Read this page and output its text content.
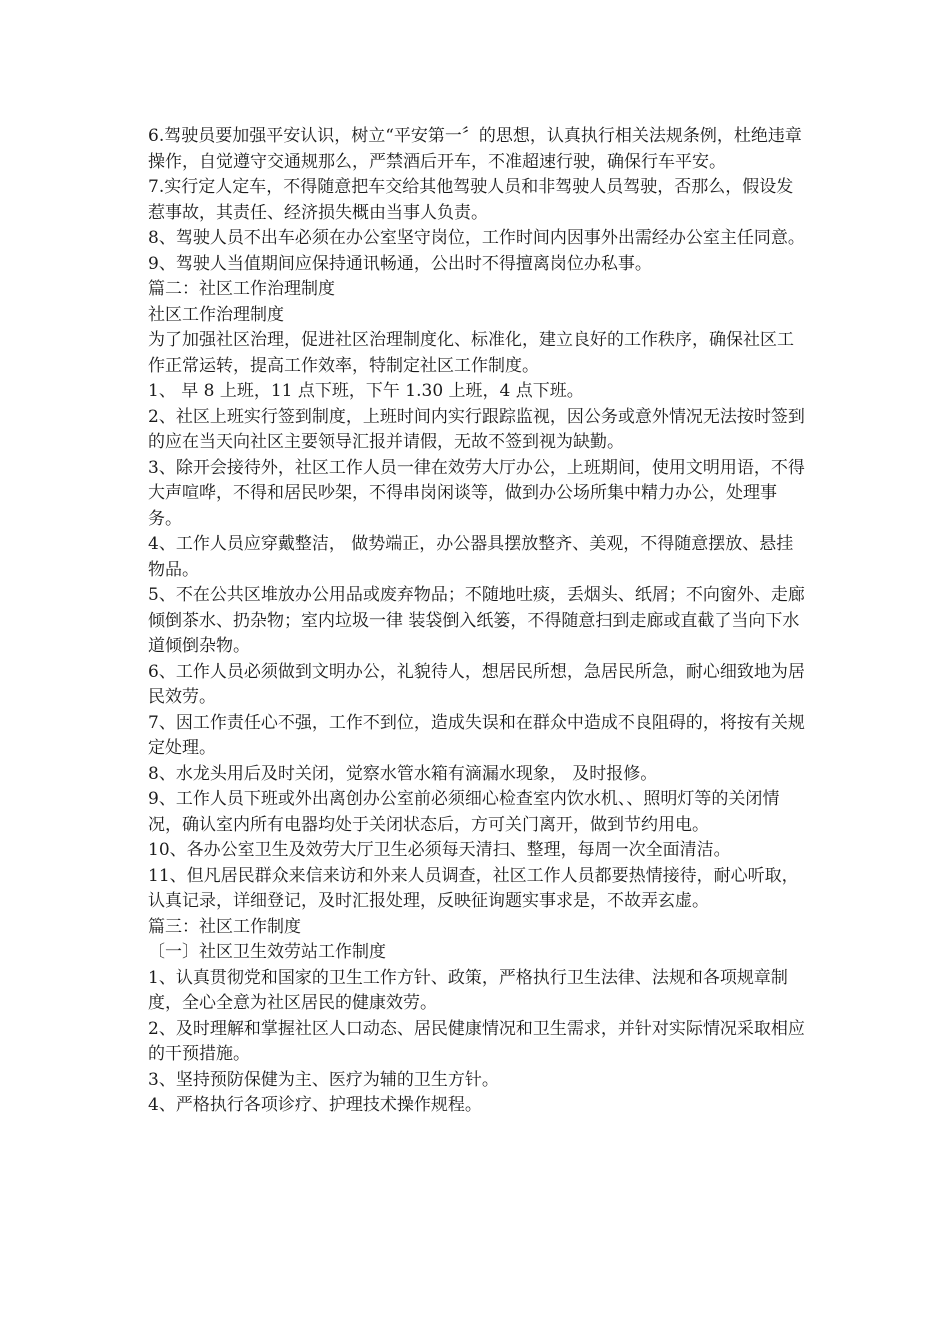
6.驾驶员要加强平安认识，树立“平安第一〞的思想，认真执行相关法规条例，杜绝违章操作，自觉遵守交通规那么，严禁酒后开车，不准超速行驶，确保行车平安。

7.实行定人定车，不得随意把车交给其他驾驶人员和非驾驶人员驾驶，否那么，假设发惹事故，其责任、经济损失概由当事人负责。

8、驾驶人员不出车必须在办公室坚守岗位，工作时间内因事外出需经办公室主任同意。

9、驾驶人当值期间应保持通讯畅通，公出时不得擅离岗位办私事。

篇二：社区工作治理制度

社区工作治理制度

为了加强社区治理，促进社区治理制度化、标准化，建立良好的工作秩序，确保社区工作正常运转，提高工作效率，特制定社区工作制度。

1、 早 8 上班，11 点下班，下午 1.30 上班，4 点下班。

2、社区上班实行签到制度，上班时间内实行跟踪监视，因公务或意外情况无法按时签到的应在当天向社区主要领导汇报并请假，无故不签到视为缺勤。

3、除开会接待外，社区工作人员一律在效劳大厅办公，上班期间，使用文明用语，不得大声喧哗，不得和居民吵架，不得串岗闲谈等，做到办公场所集中精力办公，处理事务。

4、工作人员应穿戴整洁， 做势端正，办公器具摆放整齐、美观，不得随意摆放、悬挂物品。

5、不在公共区堆放办公用品或废弃物品；不随地吐痰，丢烟头、纸屑；不向窗外、走廊倾倒茶水、扔杂物；室内垃圾一律 装袋倒入纸篓，不得随意扫到走廊或直截了当向下水道倾倒杂物。

6、工作人员必须做到文明办公，礼貌待人，想居民所想，急居民所急，耐心细致地为居民效劳。

7、因工作责任心不强，工作不到位，造成失误和在群众中造成不良阻碍的，将按有关规定处理。

8、水龙头用后及时关闭，觉察水管水箱有滴漏水现象， 及时报修。

9、工作人员下班或外出离创办公室前必须细心检查室内饮水机、、照明灯等的关闭情况，确认室内所有电器均处于关闭状态后，方可关门离开，做到节约用电。

10、各办公室卫生及效劳大厅卫生必须每天清扫、整理，每周一次全面清洁。

11、但凡居民群众来信来访和外来人员调查，社区工作人员都要热情接待，耐心听取，认真记录，详细登记，及时汇报处理，反映征询题实事求是，不故弄玄虚。

篇三：社区工作制度

〔一〕社区卫生效劳站工作制度

1、认真贯彻党和国家的卫生工作方针、政策，严格执行卫生法律、法规和各项规章制度，全心全意为社区居民的健康效劳。

2、及时理解和掌握社区人口动态、居民健康情况和卫生需求，并针对实际情况采取相应的干预措施。

3、坚持预防保健为主、医疗为辅的卫生方针。

4、严格执行各项诊疗、护理技术操作规程。
